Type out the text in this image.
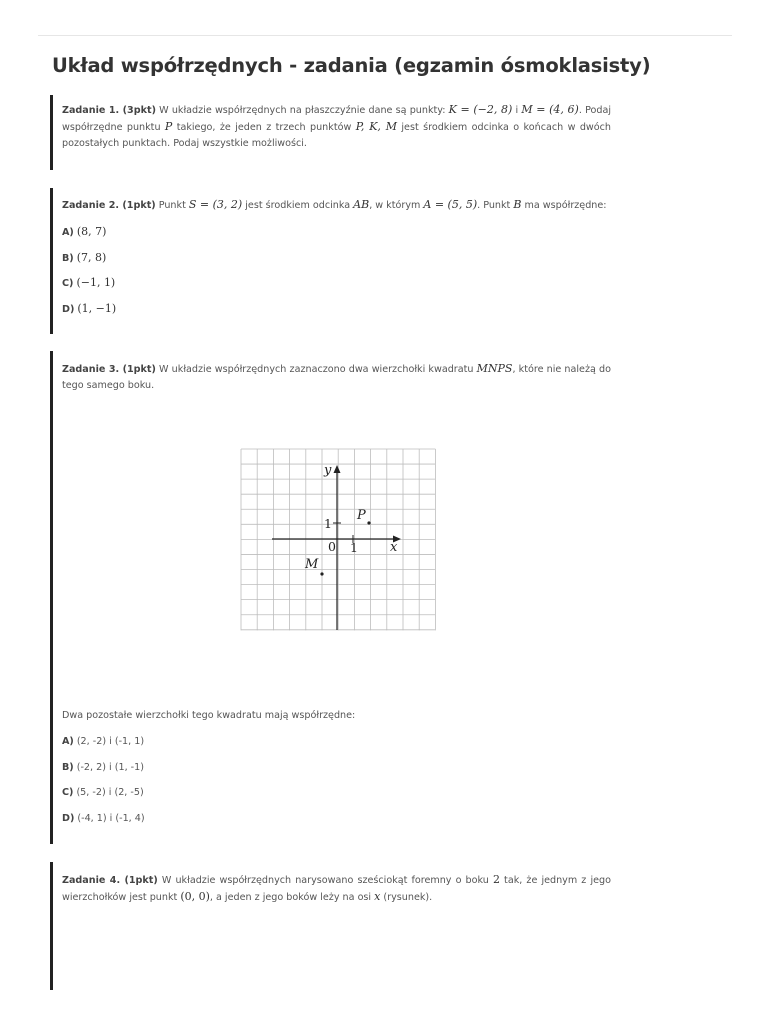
Układ współrzędnych - zadania (egzamin ósmoklasisty)
Zadanie 1. (3pkt) W układzie współrzędnych na płaszczyźnie dane są punkty: K = (−2, 8) i M = (4, 6). Podaj współrzędne punktu P takiego, że jeden z trzech punktów P, K, M jest środkiem odcinka o końcach w dwóch pozostałych punktach. Podaj wszystkie możliwości.
Zadanie 2. (1pkt) Punkt S = (3, 2) jest środkiem odcinka AB, w którym A = (5, 5). Punkt B ma współrzędne:
A) (8, 7)
B) (7, 8)
C) (−1, 1)
D) (1, −1)
Zadanie 3. (1pkt) W układzie współrzędnych zaznaczono dwa wierzchołki kwadratu MNPS, które nie należą do tego samego boku.
y
x
0 1
1
P
M
Dwa pozostałe wierzchołki tego kwadratu mają współrzędne:
A) (2, -2) i (-1, 1)
B) (-2, 2) i (1, -1)
C) (5, -2) i (2, -5)
D) (-4, 1) i (-1, 4)
Zadanie 4. (1pkt) W układzie współrzędnych narysowano sześciokąt foremny o boku 2 tak, że jednym z jego wierzchołków jest punkt (0, 0), a jeden z jego boków leży na osi x (rysunek).
